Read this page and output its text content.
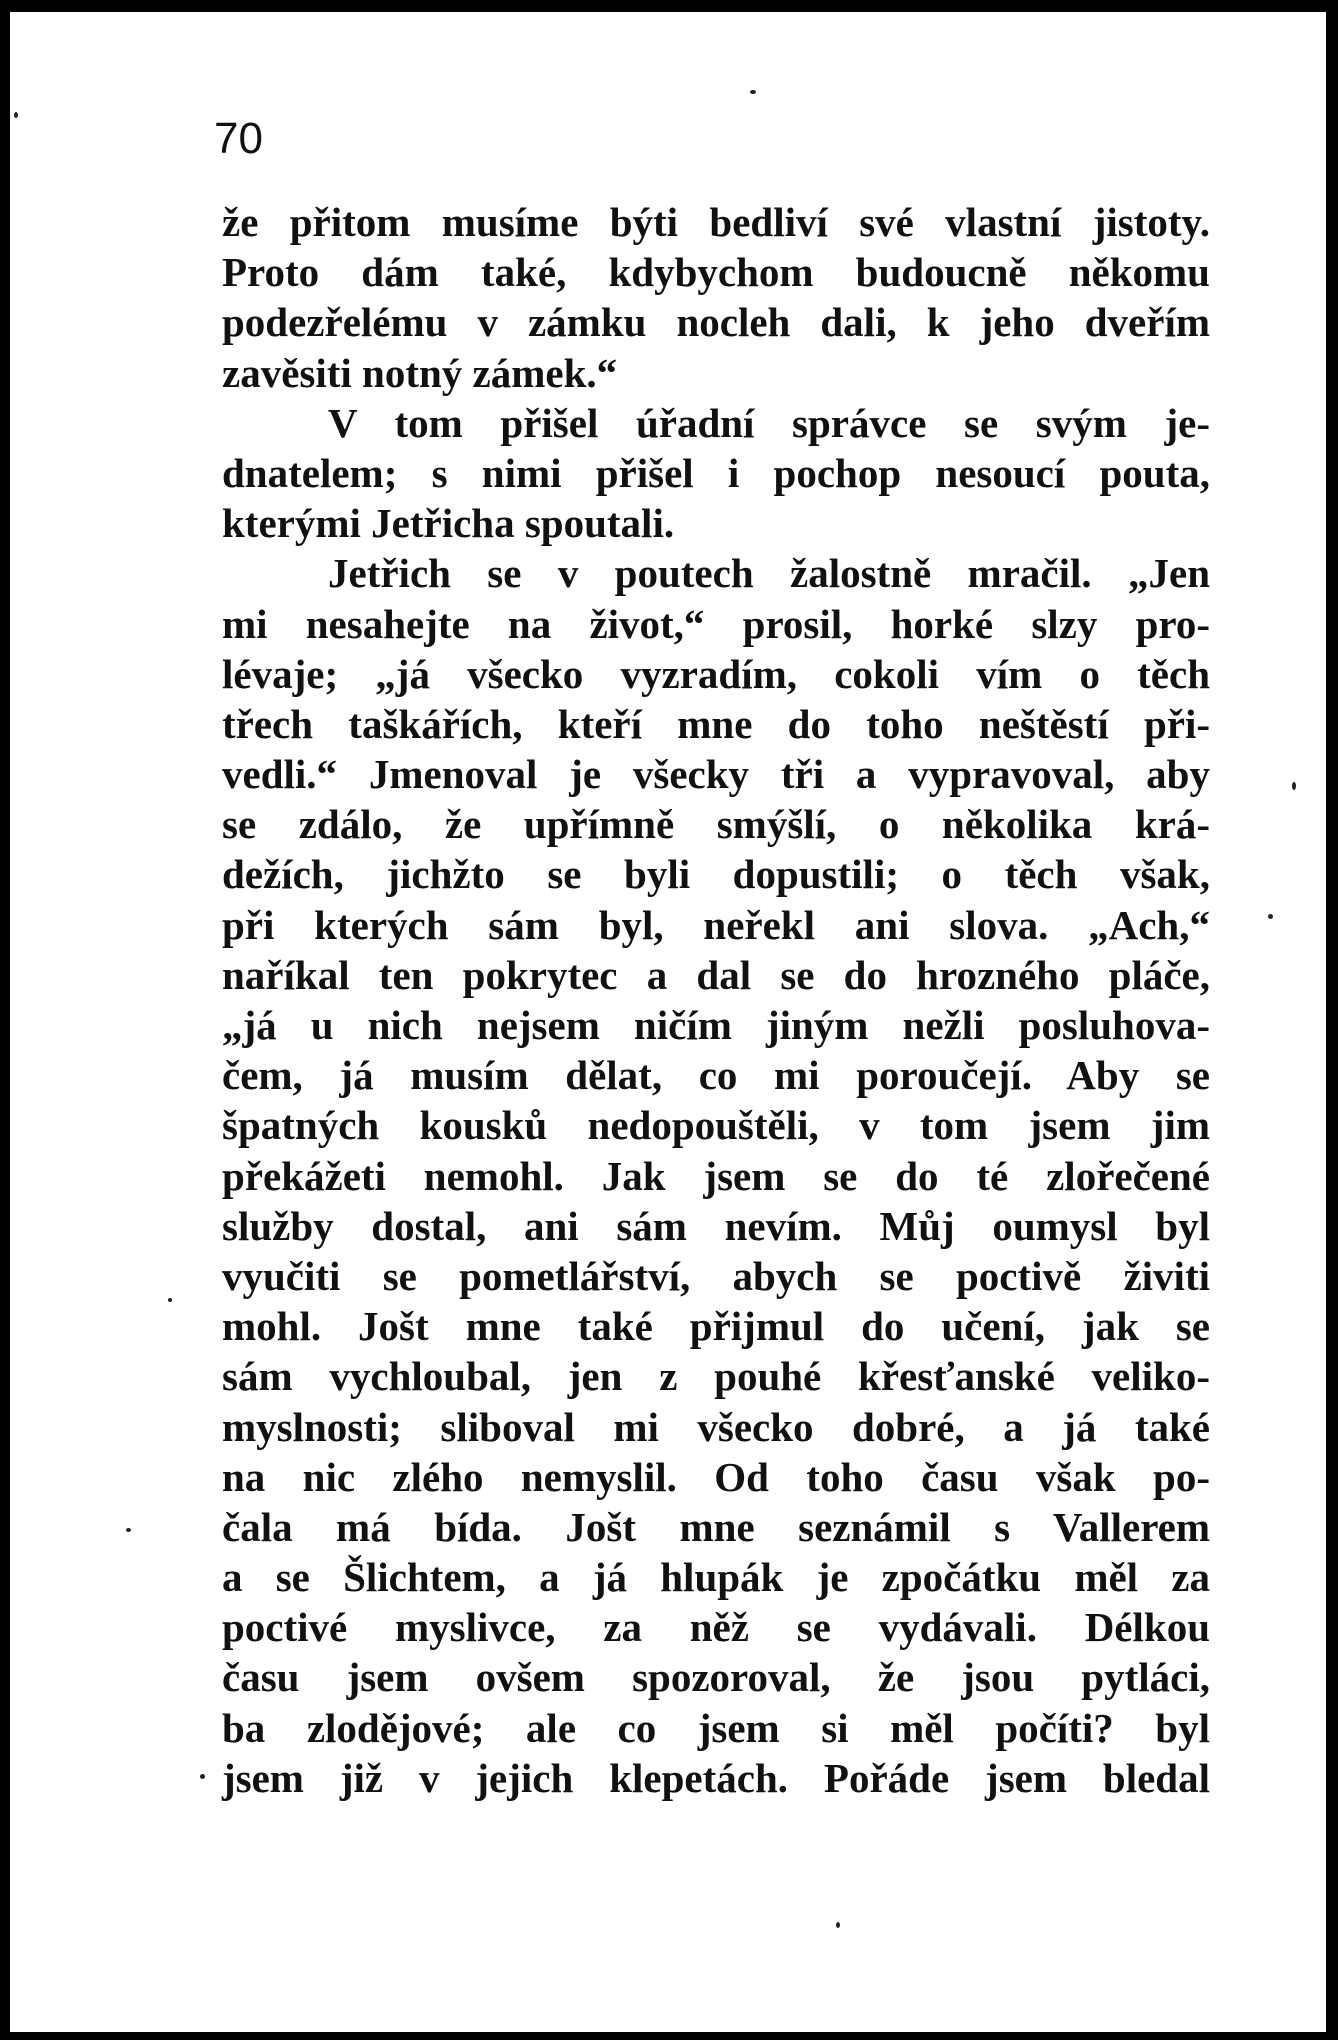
70
že přitom musíme býti bedliví své vlastní jistoty.
Proto dám také, kdybychom budoucně někomu
podezřelému v zámku nocleh dali, k jeho dveřím
zavěsiti notný zámek.“
V tom přišel úřadní správce se svým je-
dnatelem; s nimi přišel i pochop nesoucí pouta,
kterými Jetřicha spoutali.
Jetřich se v poutech žalostně mračil. „Jen
mi nesahejte na život,“ prosil, horké slzy pro-
lévaje; „já všecko vyzradím, cokoli vím o těch
třech taškářích, kteří mne do toho neštěstí při-
vedli.“ Jmenoval je všecky tři a vypravoval, aby
se zdálo, že upřímně smýšlí, o několika krá-
dežích, jichžto se byli dopustili; o těch však,
při kterých sám byl, neřekl ani slova. „Ach,“
naříkal ten pokrytec a dal se do hrozného pláče,
„já u nich nejsem ničím jiným nežli posluhova-
čem, já musím dělat, co mi poroučejí. Aby se
špatných kousků nedopouštěli, v tom jsem jim
překážeti nemohl. Jak jsem se do té zlořečené
služby dostal, ani sám nevím. Můj oumysl byl
vyučiti se pometlářství, abych se poctivě živiti
mohl. Jošt mne také přijmul do učení, jak se
sám vychloubal, jen z pouhé křesťanské veliko-
myslnosti; sliboval mi všecko dobré, a já také
na nic zlého nemyslil. Od toho času však po-
čala má bída. Jošt mne seznámil s Vallerem
a se Šlichtem, a já hlupák je zpočátku měl za
poctivé myslivce, za něž se vydávali. Délkou
času jsem ovšem spozoroval, že jsou pytláci,
ba zlodějové; ale co jsem si měl počíti? byl
jsem již v jejich klepetách. Pořáde jsem bledal
